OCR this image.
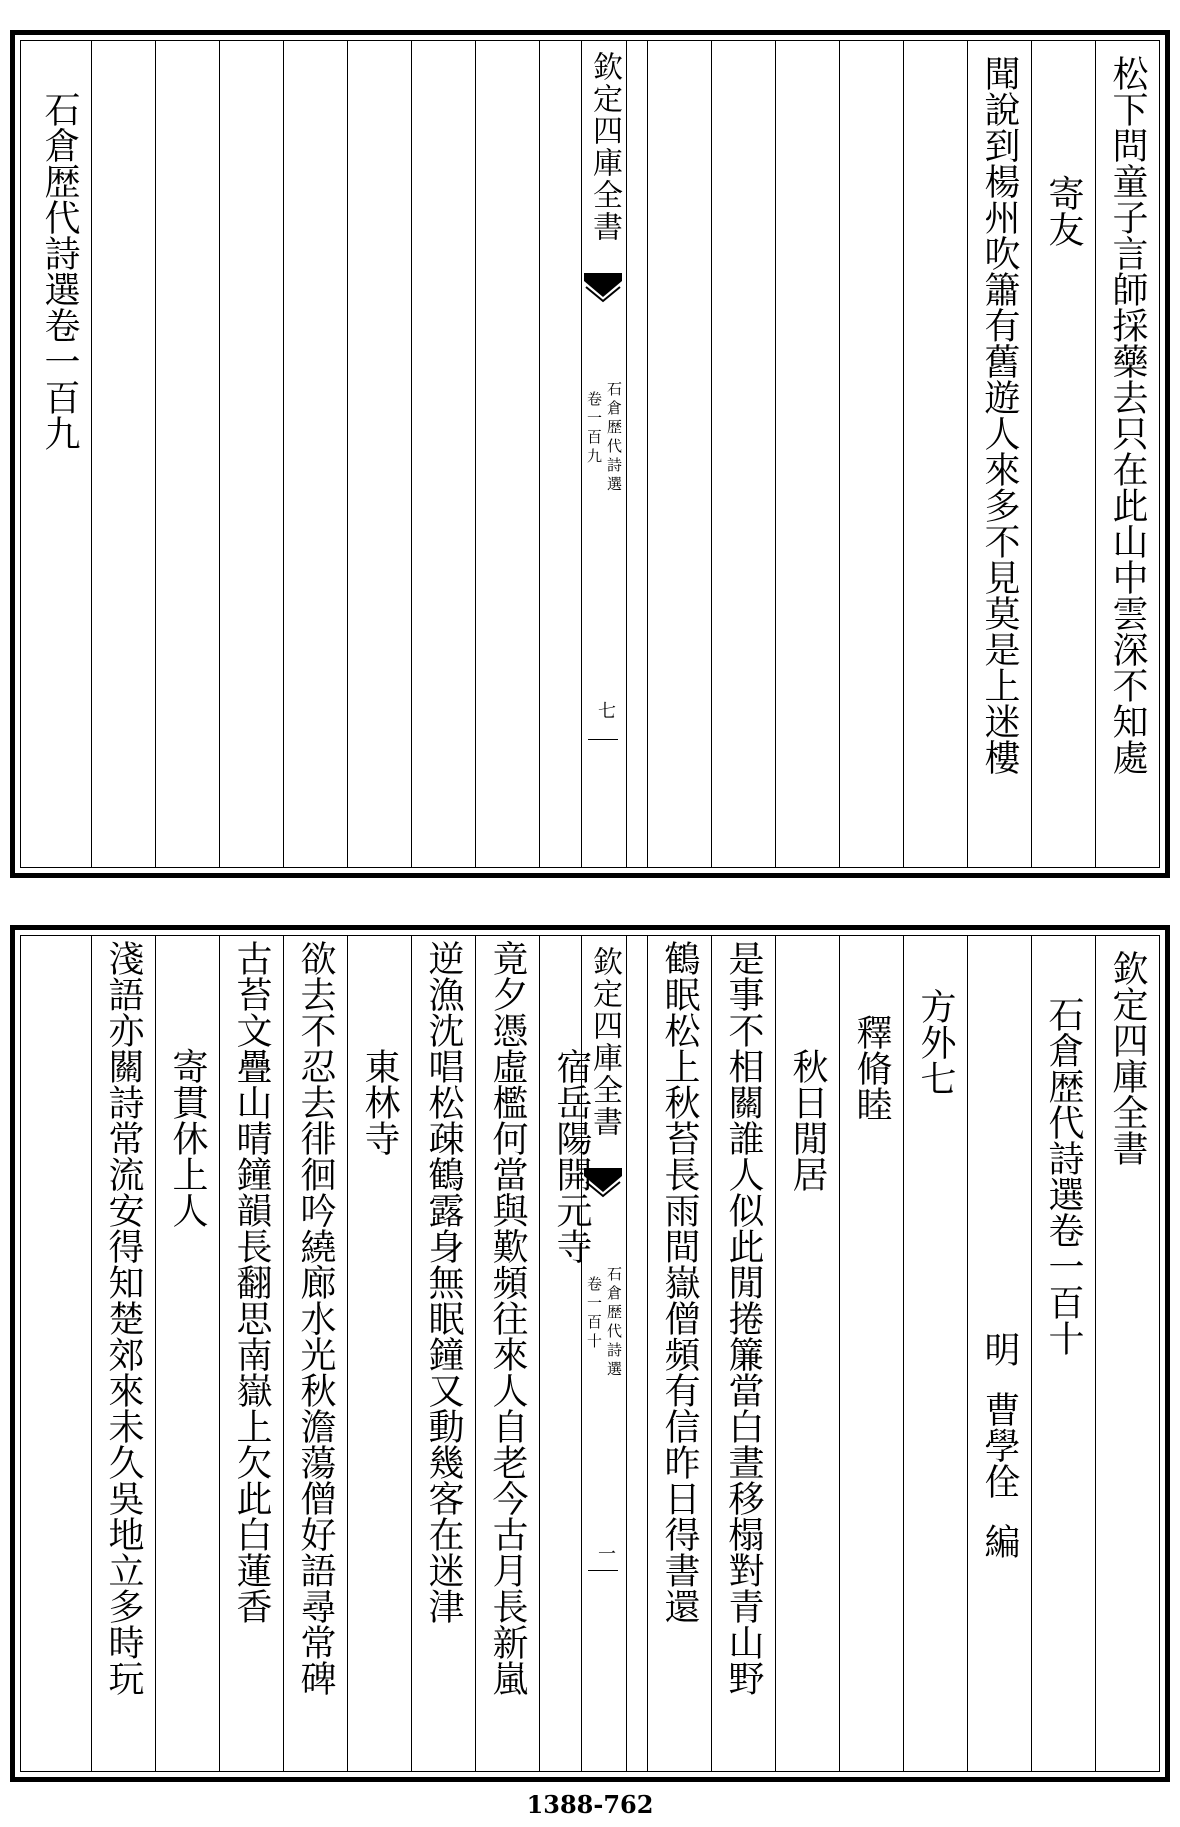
石倉歴代詩選卷一百九	欽定四庫全書
石倉歴代詩選
卷一百九
七	松下問童子言師採藥去只在此山中雲深不知處
寄友
聞說到楊州吹簫有舊遊人來多不見莫是上迷樓
欽定四庫全書
石倉歴代詩選卷一百十
明曹學佺編
方外七
釋脩睦
秋日閒居
是事不相關誰人似此閒捲簾當白晝移榻對青山野
鶴眠松上秋苔長雨間嶽僧頻有信昨日得書還
欽定四庫全書
石倉歴代詩選
卷一百十
一
竟夕憑虛檻何當與歎頻往來人自老今古月長新嵐 宿岳陽開元寺
逆漁沈唱松疎鶴露身無眠鐘又動幾客在迷津
東林寺
欲去不忍去徘徊吟繞廊水光秋澹蕩僧好語尋常碑
古苔文疊山晴鐘韻長翻思南嶽上欠此白蓮香
寄貫休上人
淺語亦關詩常流安得知楚郊來未久吳地立多時玩
1388-762
